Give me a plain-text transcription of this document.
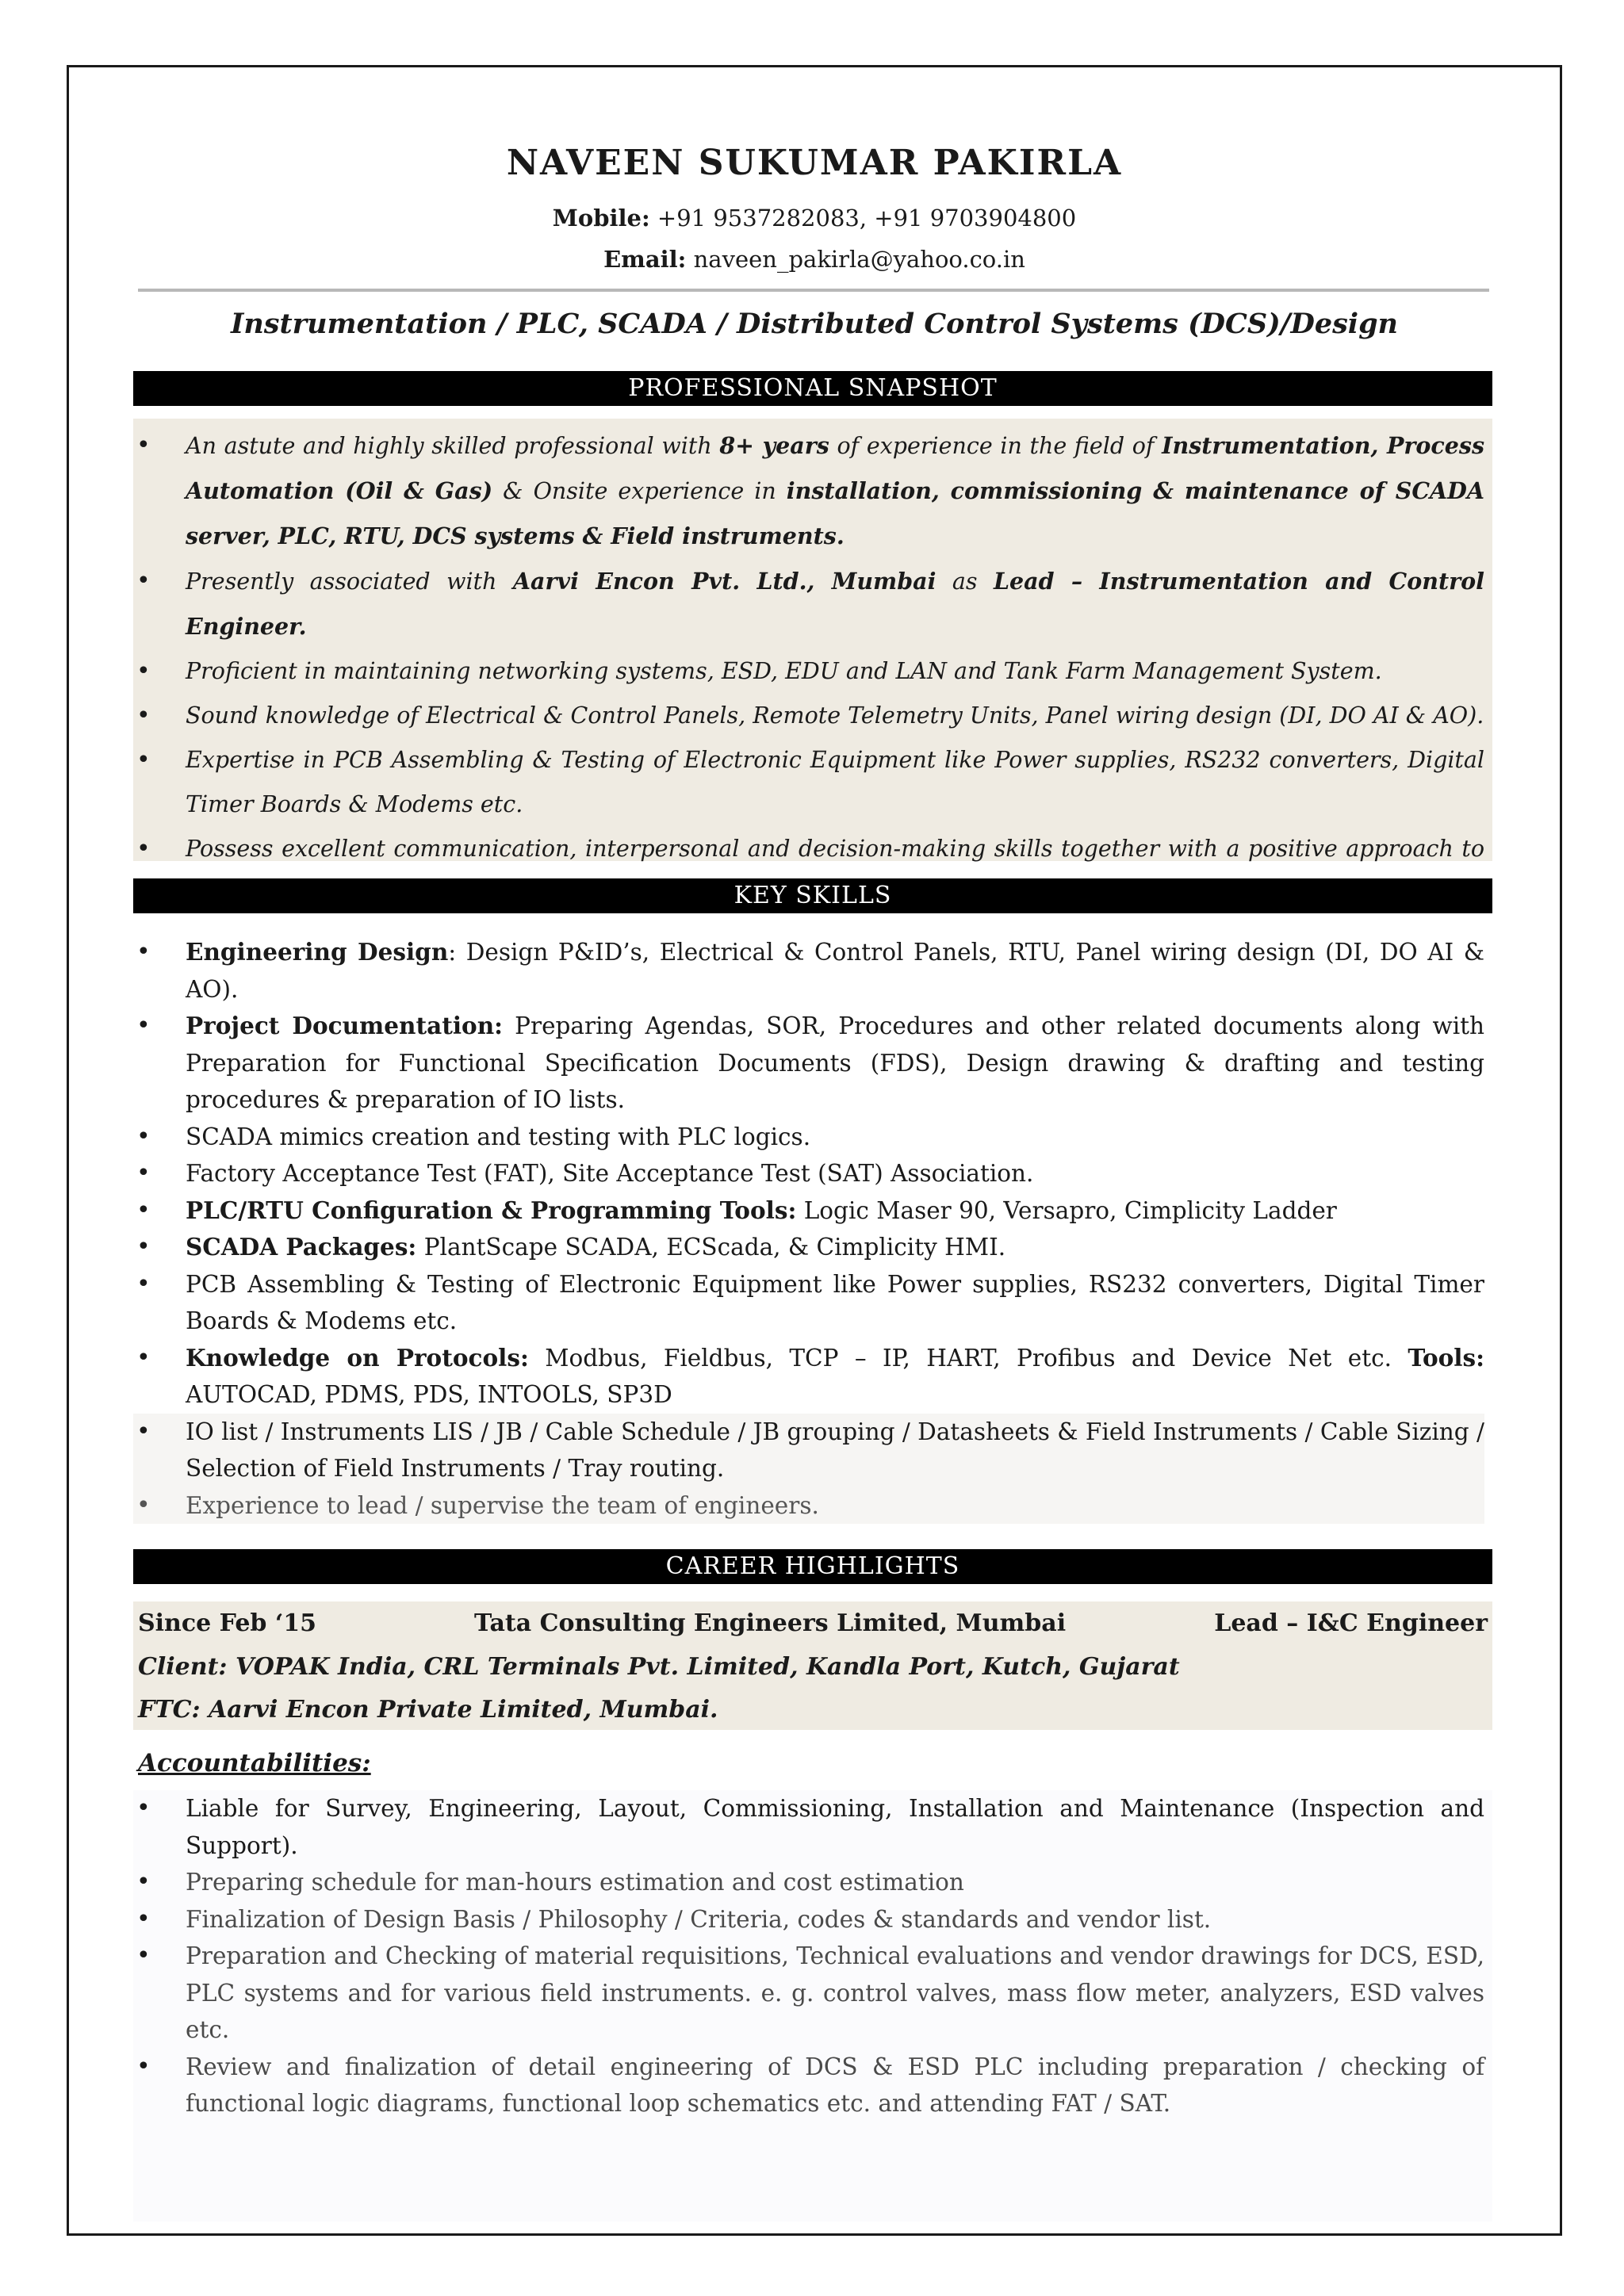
NAVEEN SUKUMAR PAKIRLA
Mobile: +91 9537282083, +91 9703904800
Email: naveen_pakirla@yahoo.co.in
Instrumentation / PLC, SCADA / Distributed Control Systems (DCS)/Design
PROFESSIONAL SNAPSHOT
• An astute and highly skilled professional with 8+ years of experience in the field of Instrumentation, Process Automation (Oil & Gas) & Onsite experience in installation, commissioning & maintenance of SCADA server, PLC, RTU, DCS systems & Field instruments.
• Presently associated with Aarvi Encon Pvt. Ltd., Mumbai as Lead – Instrumentation and Control Engineer.
• Proficient in maintaining networking systems, ESD, EDU and LAN and Tank Farm Management System.
• Sound knowledge of Electrical & Control Panels, Remote Telemetry Units, Panel wiring design (DI, DO AI & AO).
• Expertise in PCB Assembling & Testing of Electronic Equipment like Power supplies, RS232 converters, Digital Timer Boards & Modems etc.
• Possess excellent communication, interpersonal and decision-making skills together with a positive approach to
KEY SKILLS
• Engineering Design: Design P&ID’s, Electrical & Control Panels, RTU, Panel wiring design (DI, DO AI & AO).
• Project Documentation: Preparing Agendas, SOR, Procedures and other related documents along with Preparation for Functional Specification Documents (FDS), Design drawing & drafting and testing procedures & preparation of IO lists.
• SCADA mimics creation and testing with PLC logics.
• Factory Acceptance Test (FAT), Site Acceptance Test (SAT) Association.
• PLC/RTU Configuration & Programming Tools: Logic Maser 90, Versapro, Cimplicity Ladder
• SCADA Packages: PlantScape SCADA, ECScada, & Cimplicity HMI.
• PCB Assembling & Testing of Electronic Equipment like Power supplies, RS232 converters, Digital Timer Boards & Modems etc.
• Knowledge on Protocols: Modbus, Fieldbus, TCP – IP, HART, Profibus and Device Net etc. Tools: AUTOCAD, PDMS, PDS, INTOOLS, SP3D
• IO list / Instruments LIS / JB / Cable Schedule / JB grouping / Datasheets & Field Instruments / Cable Sizing / Selection of Field Instruments / Tray routing.
• Experience to lead / supervise the team of engineers.
CAREER HIGHLIGHTS
Since Feb ‘15	Tata Consulting Engineers Limited, Mumbai	Lead – I&C Engineer
Client: VOPAK India, CRL Terminals Pvt. Limited, Kandla Port, Kutch, Gujarat
FTC: Aarvi Encon Private Limited, Mumbai.
Accountabilities:
• Liable for Survey, Engineering, Layout, Commissioning, Installation and Maintenance (Inspection and Support).
• Preparing schedule for man-hours estimation and cost estimation
• Finalization of Design Basis / Philosophy / Criteria, codes & standards and vendor list.
• Preparation and Checking of material requisitions, Technical evaluations and vendor drawings for DCS, ESD, PLC systems and for various field instruments. e. g. control valves, mass flow meter, analyzers, ESD valves etc.
• Review and finalization of detail engineering of DCS & ESD PLC including preparation / checking of functional logic diagrams, functional loop schematics etc. and attending FAT / SAT.
